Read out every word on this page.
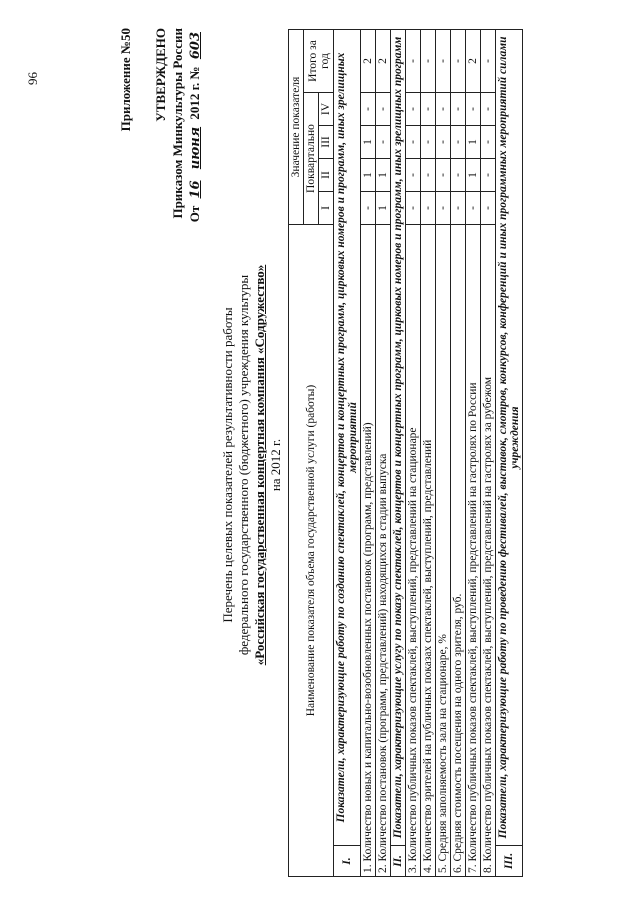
96	Приложение №50 УТВЕРЖДЕНО Приказом Минкультуры России От 16 июня 2012 г. № 603
Перечень целевых показателей результативности работы федерального государственного (бюджетного) учреждения культуры «Российская государственная концертная компания «Содружество» на 2012 г. Наименование показателя объема государственной услуги (работы)		Значение показателя				
		Поквартально				Итого за год
		I	II	III	IV	
I.	Показатели, характеризующие работу по созданию спектаклей, концертов и концертных программ, цирковых номеров и программ, иных зрелищных мероприятий					
1. Количество новых и капитально-возобновленных постановок (программ, представлений)		-	1	1	-	2
2. Количество постановок (программ, представлений) находящихся в стадии выпуска		1	1	-	-	2
II.	Показатели, характеризующие услугу по показу спектаклей, концертов и концертных программ, цирковых номеров и программ, иных зрелищных программ					
3. Количество публичных показов спектаклей, выступлений, представлений на стационаре		-	-	-	-	-
4. Количество зрителей на публичных показах спектаклей, выступлений, представлений		-	-	-	-	-
5. Средняя заполняемость зала на стационаре, %		-	-	-	-	-
6. Средняя стоимость посещения на одного зрителя, руб.		-	-	-	-	-
7. Количество публичных показов спектаклей, выступлений, представлений на гастролях по России		-	1	1	-	2
8. Количество публичных показов спектаклей, выступлений, представлений на гастролях за рубежом		-	-	-	-	-
III.	Показатели, характеризующие работу по проведению фестивалей, выставок, смотров, конкурсов, конференций и иных программных мероприятий силами учреждения					
